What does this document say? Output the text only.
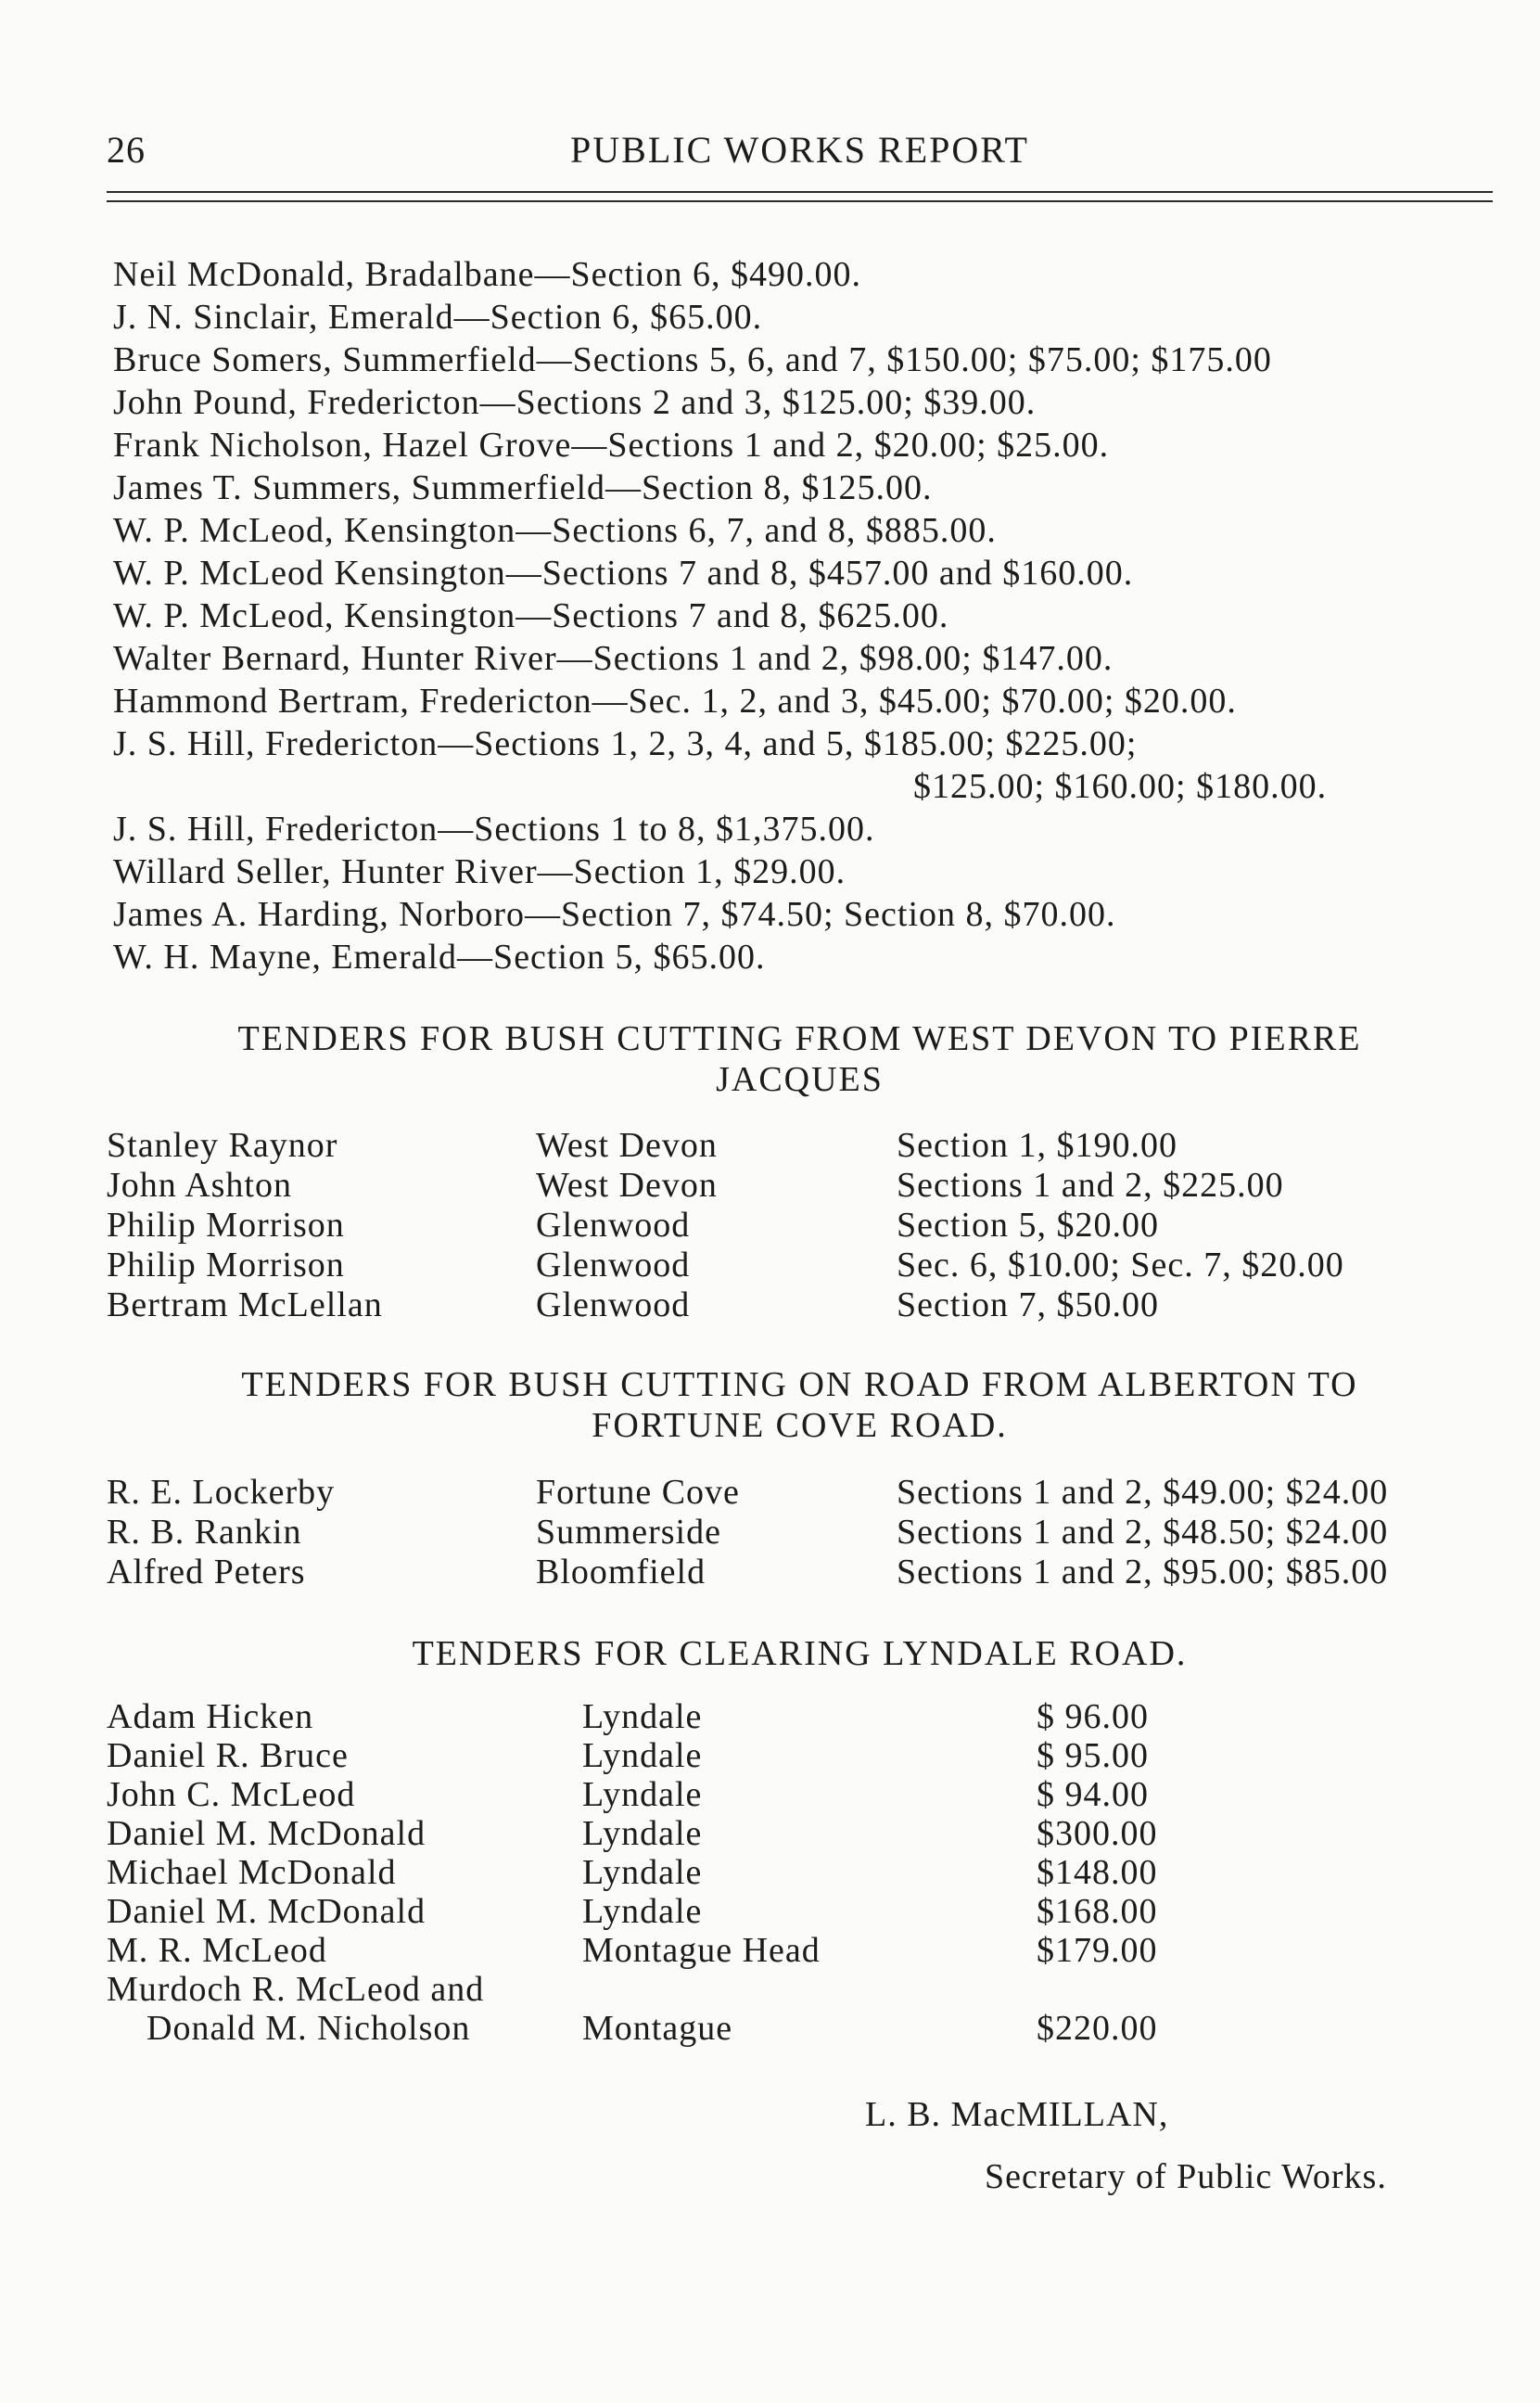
26	PUBLIC WORKS REPORT
Neil McDonald, Bradalbane—Section 6, $490.00.
J. N. Sinclair, Emerald—Section 6, $65.00.
Bruce Somers, Summerfield—Sections 5, 6, and 7, $150.00; $75.00; $175.00
John Pound, Fredericton—Sections 2 and 3, $125.00; $39.00.
Frank Nicholson, Hazel Grove—Sections 1 and 2, $20.00; $25.00.
James T. Summers, Summerfield—Section 8, $125.00.
W. P. McLeod, Kensington—Sections 6, 7, and 8, $885.00.
W. P. McLeod Kensington—Sections 7 and 8, $457.00 and $160.00.
W. P. McLeod, Kensington—Sections 7 and 8, $625.00.
Walter Bernard, Hunter River—Sections 1 and 2, $98.00; $147.00.
Hammond Bertram, Fredericton—Sec. 1, 2, and 3, $45.00; $70.00; $20.00.
J. S. Hill, Fredericton—Sections 1, 2, 3, 4, and 5, $185.00; $225.00;
$125.00; $160.00; $180.00.
J. S. Hill, Fredericton—Sections 1 to 8, $1,375.00.
Willard Seller, Hunter River—Section 1, $29.00.
James A. Harding, Norboro—Section 7, $74.50; Section 8, $70.00.
W. H. Mayne, Emerald—Section 5, $65.00.
TENDERS FOR BUSH CUTTING FROM WEST DEVON TO PIERRE
JACQUES
Stanley Raynor	West Devon	Section 1, $190.00
John Ashton	West Devon	Sections 1 and 2, $225.00
Philip Morrison	Glenwood	Section 5, $20.00
Philip Morrison	Glenwood	Sec. 6, $10.00; Sec. 7, $20.00
Bertram McLellan	Glenwood	Section 7, $50.00
TENDERS FOR BUSH CUTTING ON ROAD FROM ALBERTON TO
FORTUNE COVE ROAD.
R. E. Lockerby	Fortune Cove	Sections 1 and 2, $49.00; $24.00
R. B. Rankin	Summerside	Sections 1 and 2, $48.50; $24.00
Alfred Peters	Bloomfield	Sections 1 and 2, $95.00; $85.00
TENDERS FOR CLEARING LYNDALE ROAD.
Adam Hicken	Lyndale	$ 96.00
Daniel R. Bruce	Lyndale	$ 95.00
John C. McLeod	Lyndale	$ 94.00
Daniel M. McDonald	Lyndale	$300.00
Michael McDonald	Lyndale	$148.00
Daniel M. McDonald	Lyndale	$168.00
M. R. McLeod	Montague Head	$179.00
Murdoch R. McLeod and
Donald M. Nicholson	Montague	$220.00
L. B. MacMILLAN,
Secretary of Public Works.
